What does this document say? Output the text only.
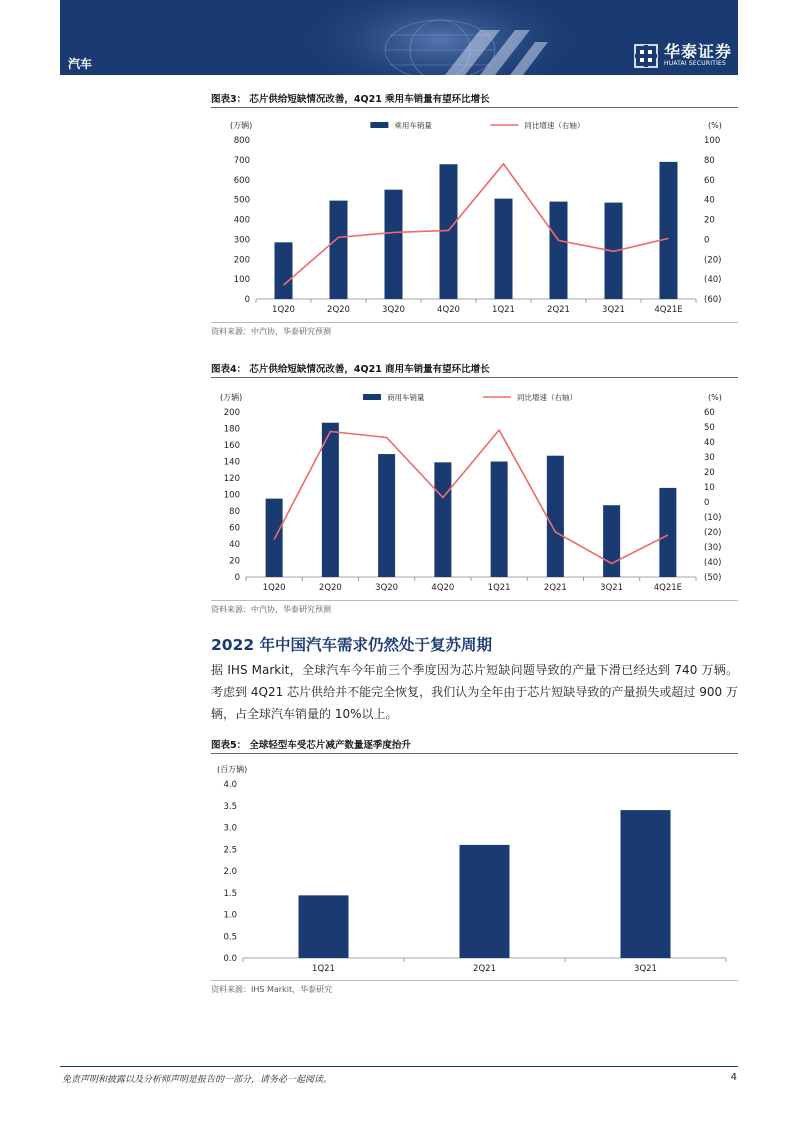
汽车
华泰证券
HUATAI SECURITIES
图表3： 芯片供给短缺情况改善，4Q21 乘用车销量有望环比增长
(万辆)
0
100
200
300
400
500
600
700
800
1Q20	2Q20	3Q20	4Q20	1Q21	2Q21	3Q21	4Q21E
(%)
(60)
(40)
(20)
0
20
40
60
80
100
乘用车销量	同比增速（右轴）
资料来源：中汽协，华泰研究预测
图表4： 芯片供给短缺情况改善，4Q21 商用车销量有望环比增长
(万辆)
0
20
40
60
80
100
120
140
160
180
200
1Q20	2Q20	3Q20	4Q20	1Q21	2Q21	3Q21	4Q21E
(%)
(50)
(40)
(30)
(20)
(10)
0
10
20
30
40
50
60
商用车销量	同比增速（右轴）
资料来源：中汽协，华泰研究预测
2022 年中国汽车需求仍然处于复苏周期
据 IHS Markit，全球汽车今年前三个季度因为芯片短缺问题导致的产量下滑已经达到 740 万辆。考虑到 4Q21 芯片供给并不能完全恢复，我们认为全年由于芯片短缺导致的产量损失或超过 900 万辆，占全球汽车销量的 10%以上。
图表5： 全球轻型车受芯片减产数量逐季度抬升
(百万辆)
0.0
0.5
1.0
1.5
2.0
2.5
3.0
3.5
4.0
1Q21	2Q21	3Q21
资料来源：IHS Markit，华泰研究
免责声明和披露以及分析师声明是报告的一部分，请务必一起阅读。	4
